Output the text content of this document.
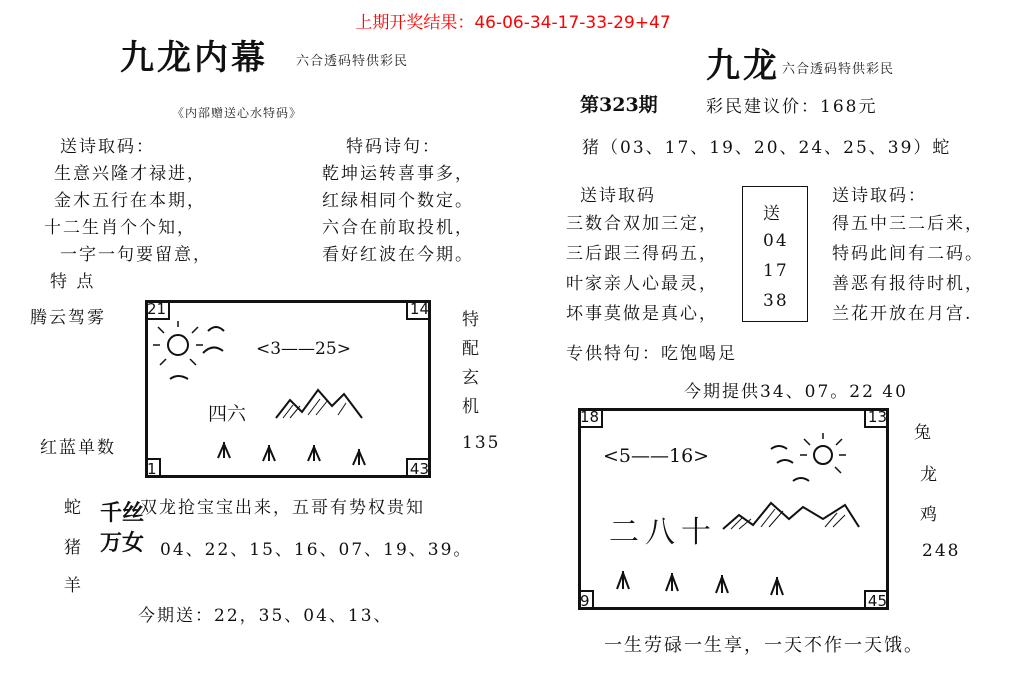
上期开奖结果：46-06-34-17-33-29+47
九龙内幕 六合透码特供彩民
《内部赠送心水特码》
送诗取码：
生意兴隆才禄进，
金木五行在本期，
十二生肖个个知，
一字一句要留意，
特 点
特码诗句：
乾坤运转喜事多，
红绿相同个数定。
六合在前取投机，
看好红波在今期。
腾云驾雾
红蓝单数
特
配
玄
机
135
<3——25>
四六
21	14
1	43
蛇
猪
羊
千丝
万女
双龙抢宝宝出来，五哥有势权贵知
04、22、15、16、07、19、39。
今期送：22，35、04、13、
九龙 六合透码特供彩民
第323期	彩民建议价：168元
猪（03、17、19、20、24、25、39）蛇
送诗取码
三数合双加三定，
三后跟三得码五，
叶家亲人心最灵，
坏事莫做是真心，
送
04
17
38
送诗取码：
得五中三二后来，
特码此间有二码。
善恶有报待时机，
兰花开放在月宫.
专供特句：吃饱喝足
今期提供34、07。22 40
<5——16>
二八十
18	13
9	45
兔
龙
鸡
248
一生劳碌一生享，一天不作一天饿。
